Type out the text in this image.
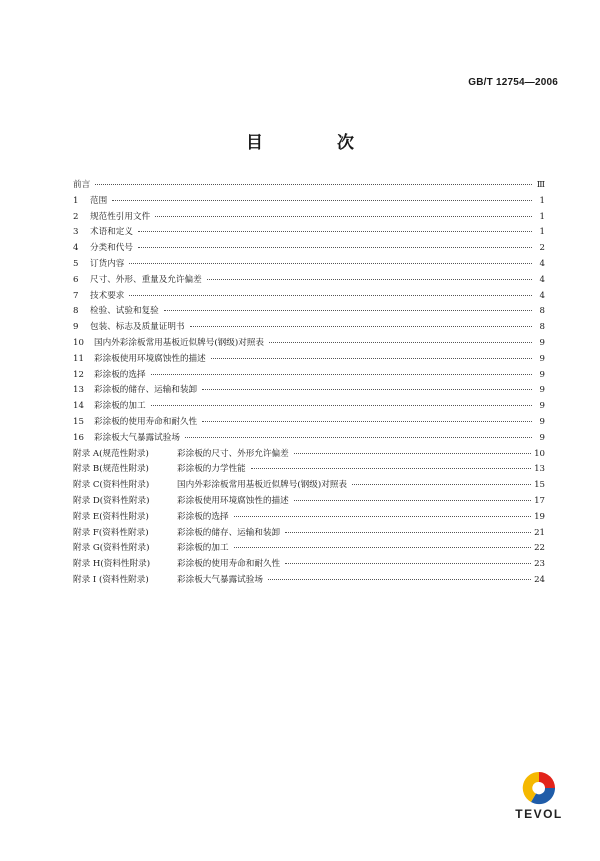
GB/T 12754—2006
目 次
前言	Ⅲ
1	范围	1
2	规范性引用文件	1
3	术语和定义	1
4	分类和代号	2
5	订货内容	4
6	尺寸、外形、重量及允许偏差	4
7	技术要求	4
8	检验、试验和复验	8
9	包装、标志及质量证明书	8
10	国内外彩涂板常用基板近似牌号(钢级)对照表	9
11	彩涂板使用环境腐蚀性的描述	9
12	彩涂板的选择	9
13	彩涂板的储存、运输和装卸	9
14	彩涂板的加工	9
15	彩涂板的使用寿命和耐久性	9
16	彩涂板大气暴露试验场	9
附录 A(规范性附录)	彩涂板的尺寸、外形允许偏差	10
附录 B(规范性附录)	彩涂板的力学性能	13
附录 C(资料性附录)	国内外彩涂板常用基板近似牌号(钢级)对照表	15
附录 D(资料性附录)	彩涂板使用环境腐蚀性的描述	17
附录 E(资料性附录)	彩涂板的选择	19
附录 F(资料性附录)	彩涂板的储存、运输和装卸	21
附录 G(资料性附录)	彩涂板的加工	22
附录 H(资料性附录)	彩涂板的使用寿命和耐久性	23
附录 I (资料性附录)	彩涂板大气暴露试验场	24
TEVOL
